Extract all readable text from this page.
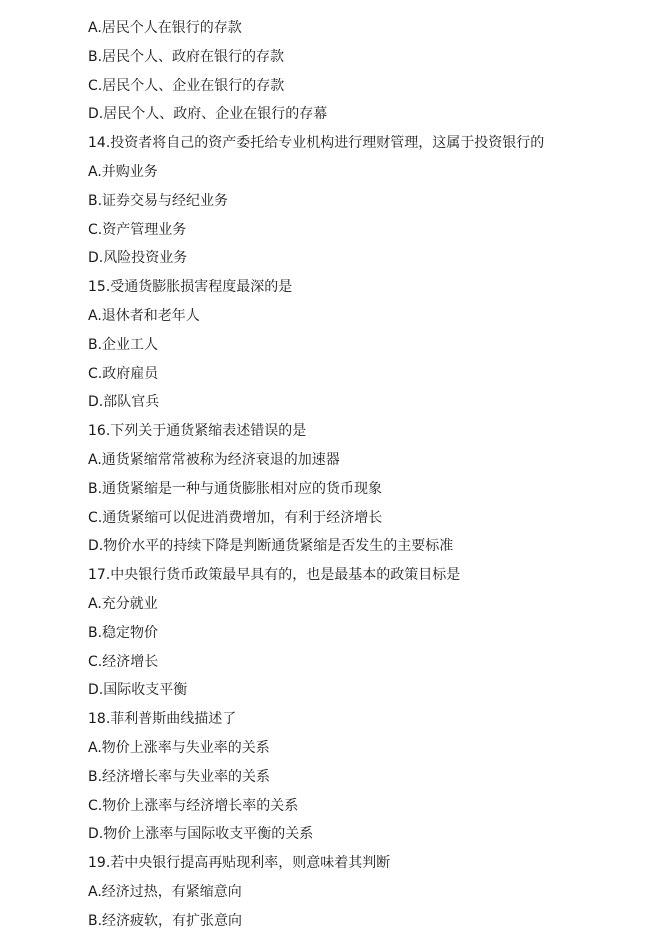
A.居民个人在银行的存款
B.居民个人、政府在银行的存款
C.居民个人、企业在银行的存款
D.居民个人、政府、企业在银行的存幕
14.投资者将自己的资产委托给专业机构进行理财管理，这属于投资银行的
A.并购业务
B.证券交易与经纪业务
C.资产管理业务
D.风险投资业务
15.受通货膨胀损害程度最深的是
A.退休者和老年人
B.企业工人
C.政府雇员
D.部队官兵
16.下列关于通货紧缩表述错误的是
A.通货紧缩常常被称为经济衰退的加速器
B.通货紧缩是一种与通货膨胀相对应的货币现象
C.通货紧缩可以促进消费增加，有利于经济增长
D.物价水平的持续下降是判断通货紧缩是否发生的主要标准
17.中央银行货币政策最早具有的，也是最基本的政策目标是
A.充分就业
B.稳定物价
C.经济增长
D.国际收支平衡
18.菲利普斯曲线描述了
A.物价上涨率与失业率的关系
B.经济增长率与失业率的关系
C.物价上涨率与经济增长率的关系
D.物价上涨率与国际收支平衡的关系
19.若中央银行提高再贴现利率，则意味着其判断
A.经济过热，有紧缩意向
B.经济疲软，有扩张意向
